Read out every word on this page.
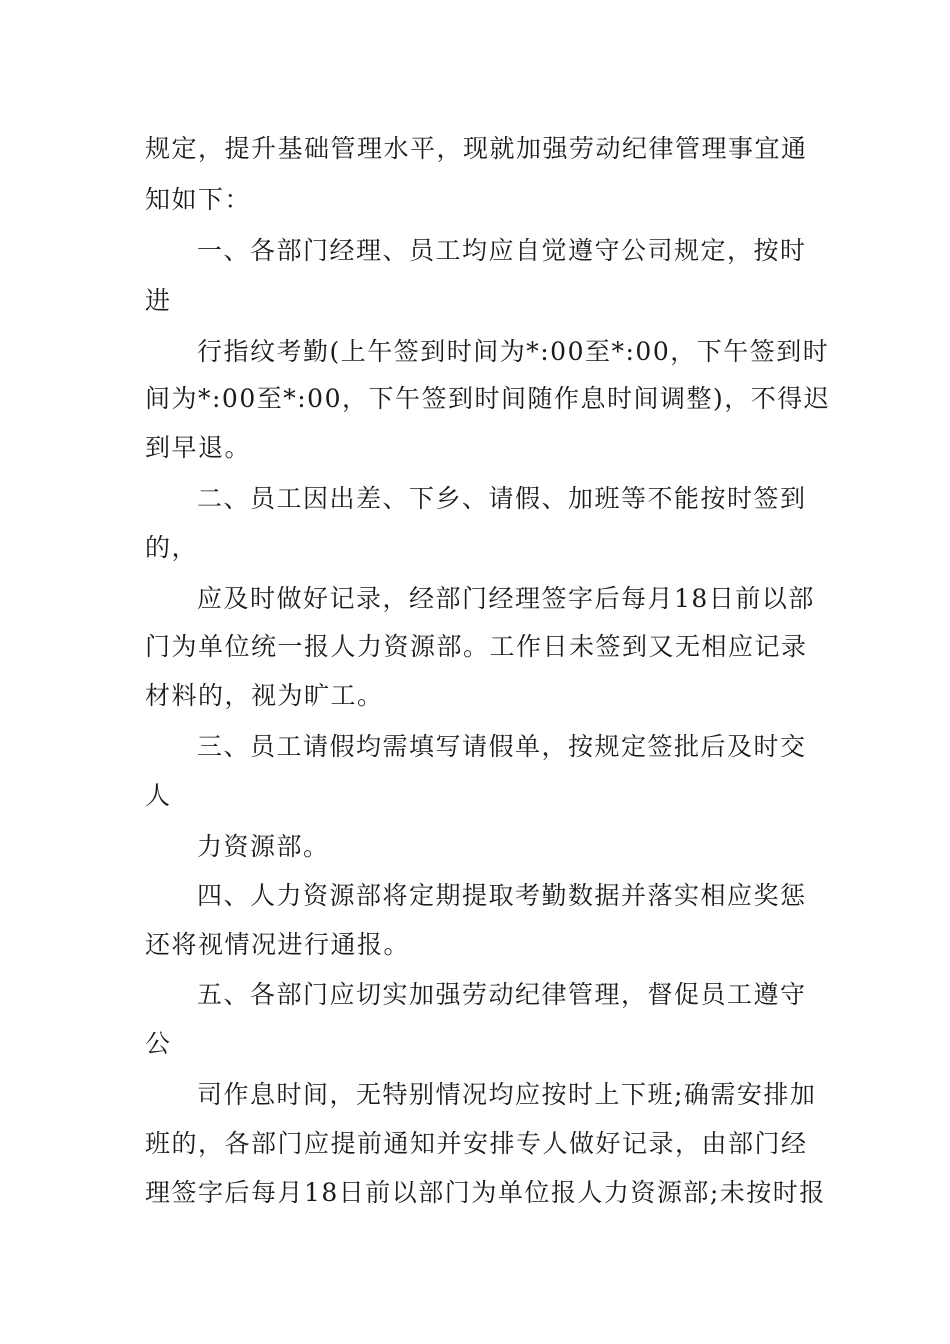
规定，提升基础管理水平，现就加强劳动纪律管理事宜通
知如下：
一、各部门经理、员工均应自觉遵守公司规定，按时
进
行指纹考勤(上午签到时间为*:00至*:00，下午签到时
间为*:00至*:00，下午签到时间随作息时间调整)，不得迟
到早退。
二、员工因出差、下乡、请假、加班等不能按时签到
的，
应及时做好记录，经部门经理签字后每月18日前以部
门为单位统一报人力资源部。工作日未签到又无相应记录
材料的，视为旷工。
三、员工请假均需填写请假单，按规定签批后及时交
人
力资源部。
四、人力资源部将定期提取考勤数据并落实相应奖惩
还将视情况进行通报。
五、各部门应切实加强劳动纪律管理，督促员工遵守
公
司作息时间，无特别情况均应按时上下班;确需安排加
班的，各部门应提前通知并安排专人做好记录，由部门经
理签字后每月18日前以部门为单位报人力资源部;未按时报
